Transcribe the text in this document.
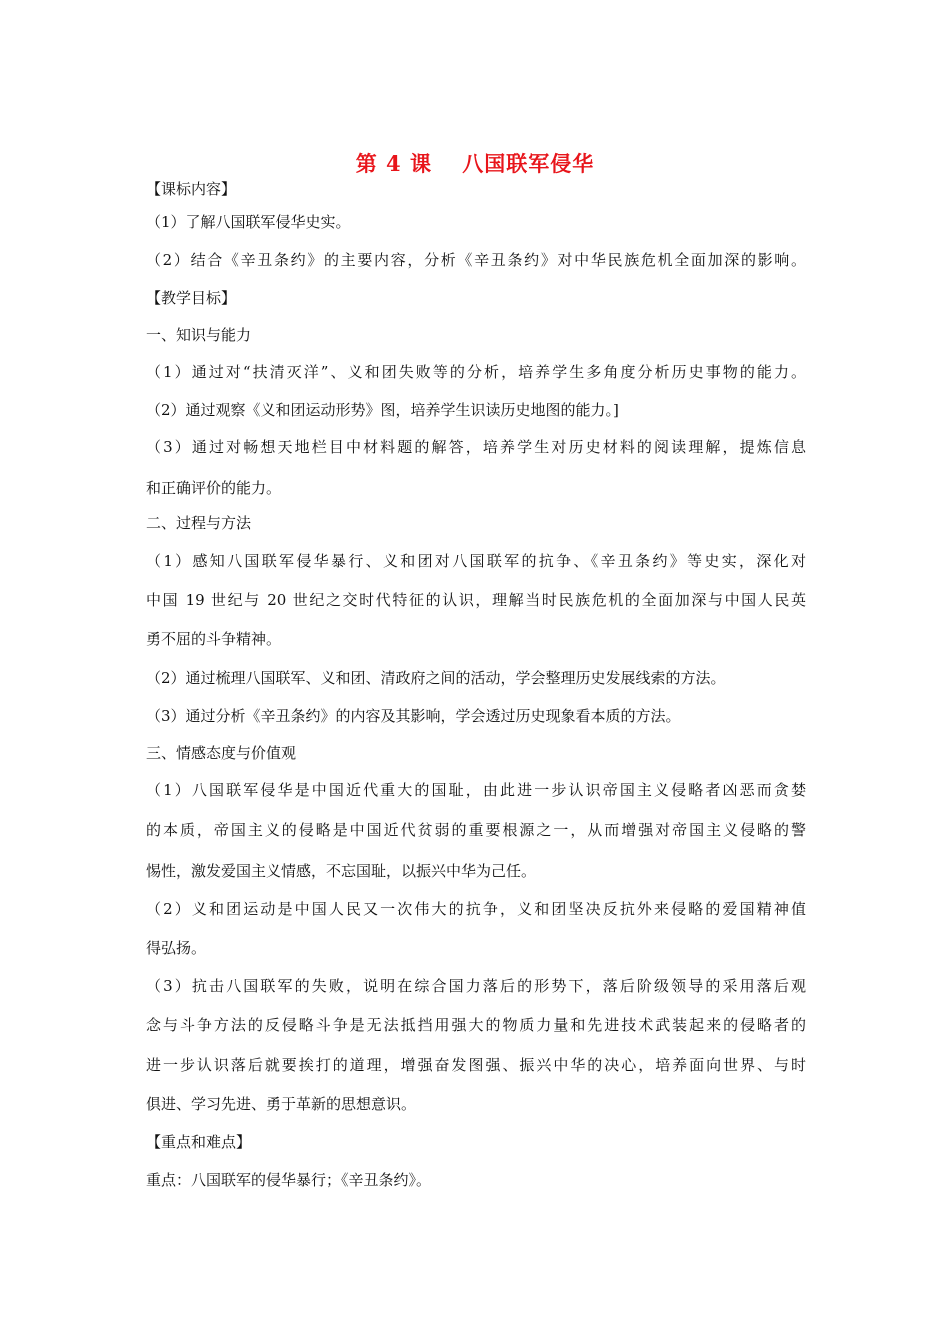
第 4 课　 八国联军侵华
【课标内容】
（1）了解八国联军侵华史实。
（2）结合《辛丑条约》的主要内容，分析《辛丑条约》对中华民族危机全面加深的影响。
【教学目标】
一、知识与能力
（1）通过对“扶清灭洋”、义和团失败等的分析，培养学生多角度分析历史事物的能力。
（2）通过观察《义和团运动形势》图，培养学生识读历史地图的能力。]
（3）通过对畅想天地栏目中材料题的解答，培养学生对历史材料的阅读理解，提炼信息
和正确评价的能力。
二、过程与方法
（1）感知八国联军侵华暴行、义和团对八国联军的抗争、《辛丑条约》等史实，深化对
中国 19 世纪与 20 世纪之交时代特征的认识，理解当时民族危机的全面加深与中国人民英
勇不屈的斗争精神。
（2）通过梳理八国联军、义和团、清政府之间的活动，学会整理历史发展线索的方法。
（3）通过分析《辛丑条约》的内容及其影响，学会透过历史现象看本质的方法。
三、情感态度与价值观
（1）八国联军侵华是中国近代重大的国耻，由此进一步认识帝国主义侵略者凶恶而贪婪
的本质，帝国主义的侵略是中国近代贫弱的重要根源之一，从而增强对帝国主义侵略的警
惕性，激发爱国主义情感，不忘国耻，以振兴中华为己任。
（2）义和团运动是中国人民又一次伟大的抗争，义和团坚决反抗外来侵略的爱国精神值
得弘扬。
（3）抗击八国联军的失败，说明在综合国力落后的形势下，落后阶级领导的采用落后观
念与斗争方法的反侵略斗争是无法抵挡用强大的物质力量和先进技术武装起来的侵略者的
进一步认识落后就要挨打的道理，增强奋发图强、振兴中华的决心，培养面向世界、与时
俱进、学习先进、勇于革新的思想意识。
【重点和难点】
重点：八国联军的侵华暴行；《辛丑条约》。
